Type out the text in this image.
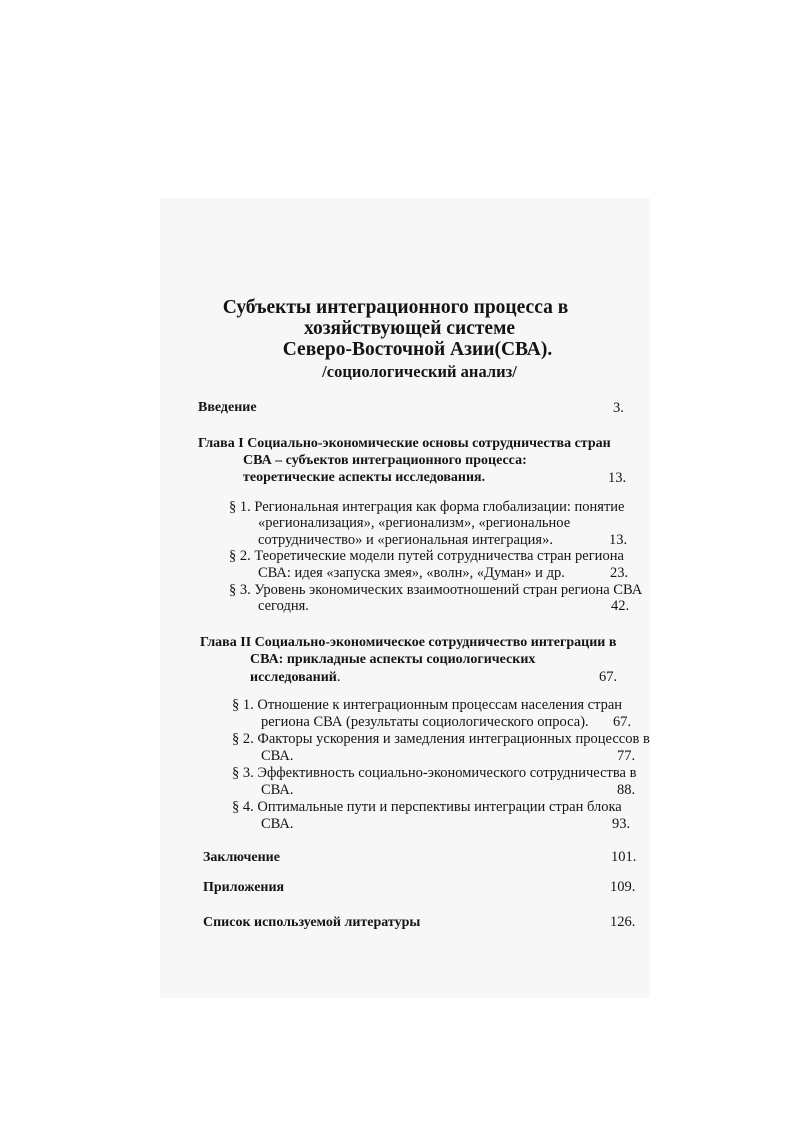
Субъекты интеграционного процесса в
хозяйствующей системе
Северо-Восточной Азии(СВА).
/социологический анализ/
Введение	3.
Глава I Социально-экономические основы сотрудничества стран
СВА – субъектов интеграционного процесса:
теоретические аспекты исследования.	13.
§ 1. Региональная интеграция как форма глобализации: понятие
«регионализация», «регионализм», «региональное
сотрудничество» и «региональная интеграция».	13.
§ 2. Теоретические модели путей сотрудничества стран региона
СВА: идея «запуска змея», «волн», «Думан» и др.	23.
§ 3. Уровень экономических взаимоотношений стран региона СВА
сегодня.	42.
Глава II Социально-экономическое сотрудничество интеграции в
СВА: прикладные аспекты социологических
исследований.	67.
§ 1. Отношение к интеграционным процессам населения стран
региона СВА (результаты социологического опроса). 67.
§ 2. Факторы ускорения и замедления интеграционных процессов в
СВА.	77.
§ 3. Эффективность социально-экономического сотрудничества в
СВА.	88.
§ 4. Оптимальные пути и перспективы интеграции стран блока
СВА.	93.
Заключение	101.
Приложения	109.
Список используемой литературы	126.
